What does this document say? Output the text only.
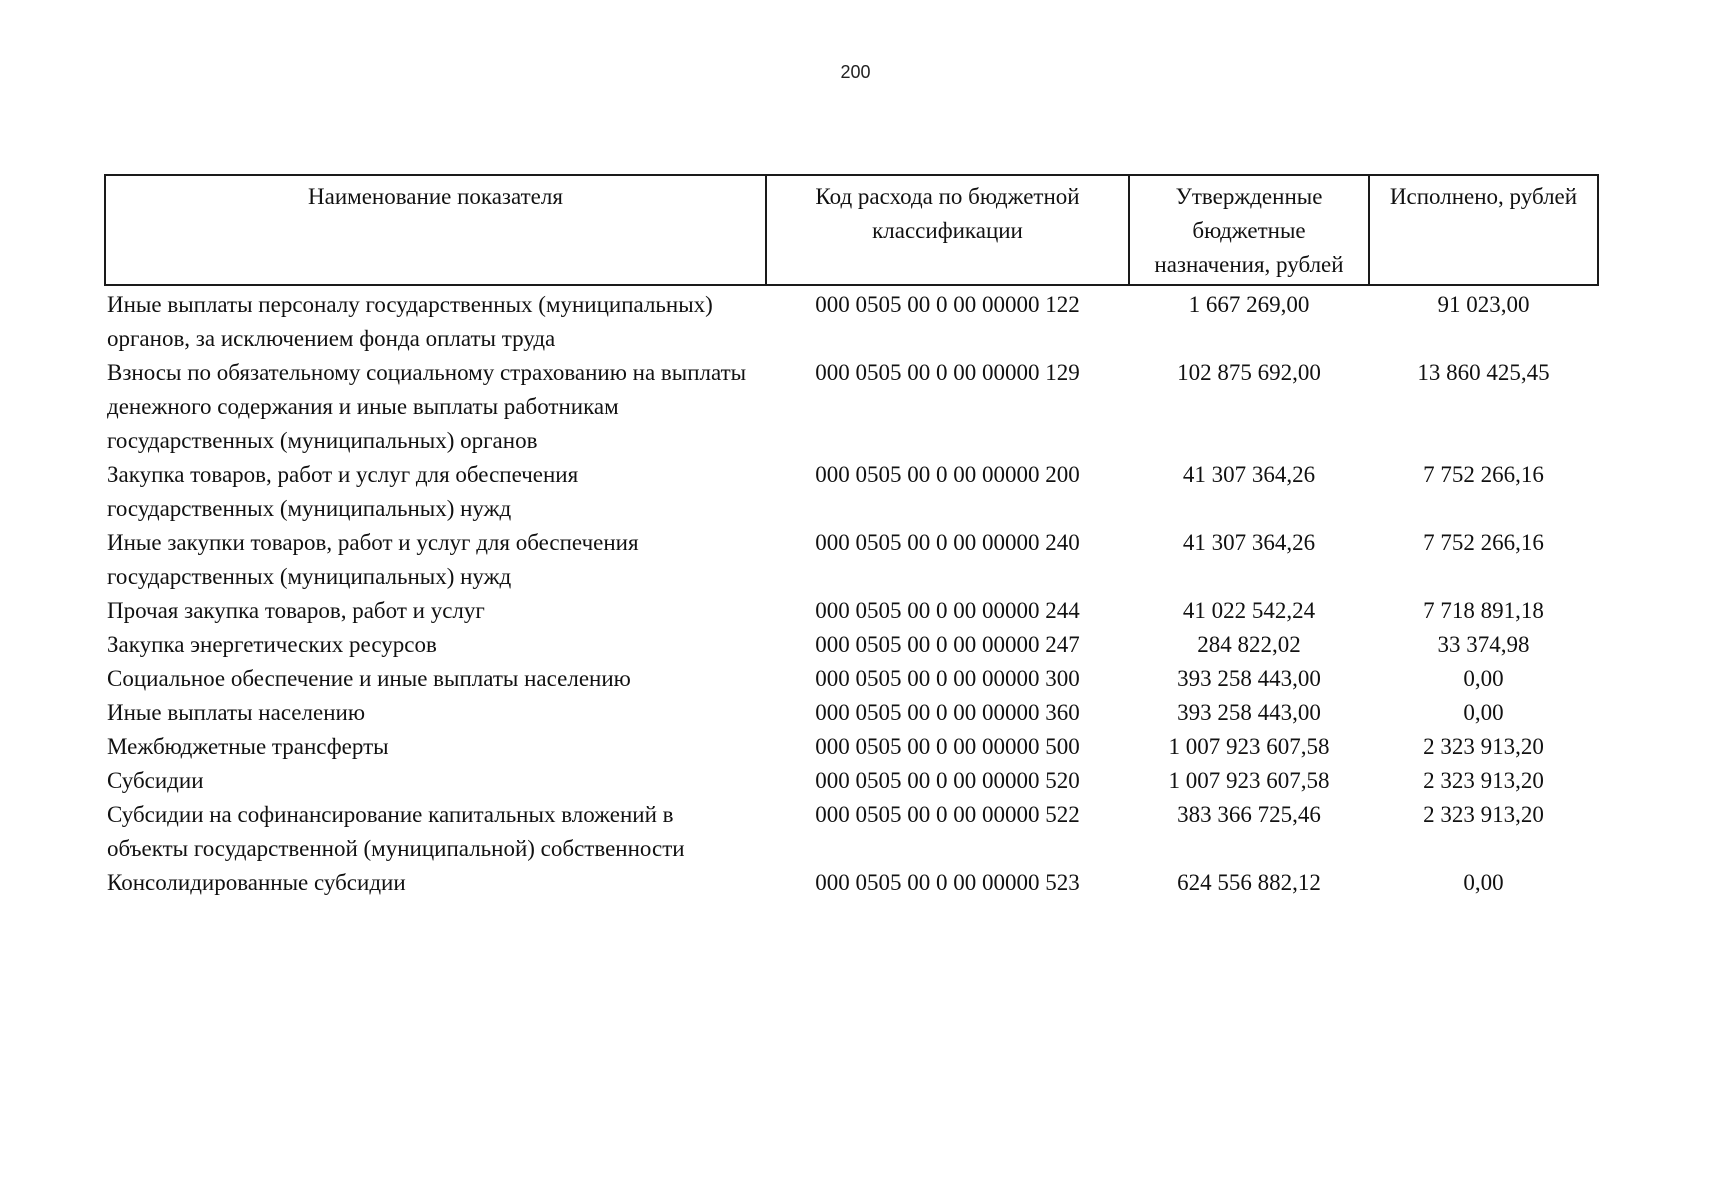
200
Наименование показателя	Код расхода по бюджетной классификации	Утвержденные бюджетные назначения, рублей	Исполнено, рублей
Иные выплаты персоналу государственных (муниципальных) органов, за исключением фонда оплаты труда	000 0505 00 0 00 00000 122	1 667 269,00	91 023,00
Взносы по обязательному социальному страхованию на выплаты денежного содержания и иные выплаты работникам государственных (муниципальных) органов	000 0505 00 0 00 00000 129	102 875 692,00	13 860 425,45
Закупка товаров, работ и услуг для обеспечения государственных (муниципальных) нужд	000 0505 00 0 00 00000 200	41 307 364,26	7 752 266,16
Иные закупки товаров, работ и услуг для обеспечения государственных (муниципальных) нужд	000 0505 00 0 00 00000 240	41 307 364,26	7 752 266,16
Прочая закупка товаров, работ и услуг	000 0505 00 0 00 00000 244	41 022 542,24	7 718 891,18
Закупка энергетических ресурсов	000 0505 00 0 00 00000 247	284 822,02	33 374,98
Социальное обеспечение и иные выплаты населению	000 0505 00 0 00 00000 300	393 258 443,00	0,00
Иные выплаты населению	000 0505 00 0 00 00000 360	393 258 443,00	0,00
Межбюджетные трансферты	000 0505 00 0 00 00000 500	1 007 923 607,58	2 323 913,20
Субсидии	000 0505 00 0 00 00000 520	1 007 923 607,58	2 323 913,20
Субсидии на софинансирование капитальных вложений в объекты государственной (муниципальной) собственности	000 0505 00 0 00 00000 522	383 366 725,46	2 323 913,20
Консолидированные субсидии	000 0505 00 0 00 00000 523	624 556 882,12	0,00
